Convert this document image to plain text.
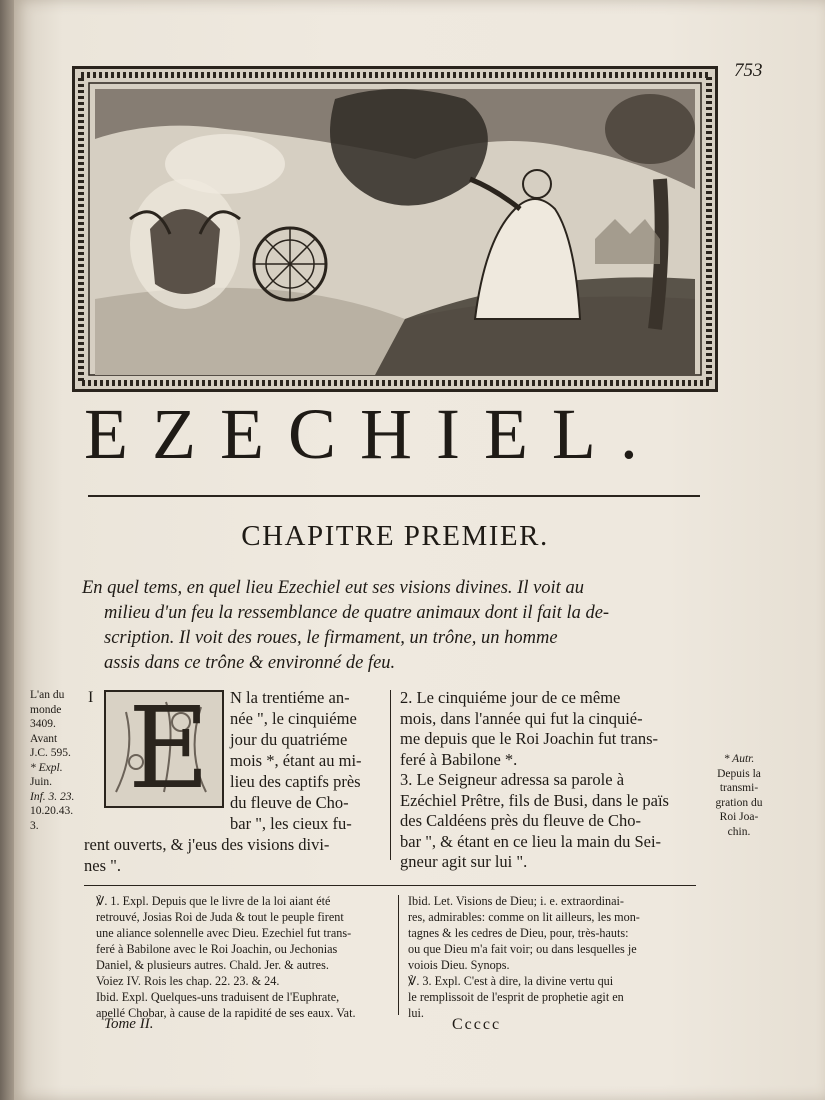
753
EZECHIEL.
CHAPITRE PREMIER.
En quel tems, en quel lieu Ezechiel eut ses visions divines. Il voit au
milieu d'un feu la ressemblance de quatre animaux dont il fait la de-
scription. Il voit des roues, le firmament, un trône, un homme
assis dans ce trône & environné de feu.
L'an du
monde
3409.
Avant
J.C. 595.
* Expl.
Juin.
Inf. 3. 23.
10.20.43.
3.
I E N la trentiéme an-
née ", le cinquiéme
jour du quatriéme
mois *, étant au mi-
lieu des captifs près
du fleuve de Cho-
bar ", les cieux fu-
rent ouverts, & j'eus des visions divi-
nes ".
2. Le cinquiéme jour de ce même
mois, dans l'année qui fut la cinquié-
me depuis que le Roi Joachin fut trans-
feré à Babilone *.
3. Le Seigneur adressa sa parole à
Ezéchiel Prêtre, fils de Busi, dans le païs
des Caldéens près du fleuve de Cho-
bar ", & étant en ce lieu la main du Sei-
gneur agit sur lui ".
* Autr.
Depuis la
transmi-
gration du
Roi Joa-
chin.
℣. 1. Expl. Depuis que le livre de la loi aiant été
retrouvé, Josias Roi de Juda & tout le peuple firent
une aliance solennelle avec Dieu. Ezechiel fut trans-
feré à Babilone avec le Roi Joachin, ou Jechonias
Daniel, & plusieurs autres. Chald. Jer. & autres.
Voiez IV. Rois les chap. 22. 23. & 24.
Ibid. Expl. Quelques-uns traduisent de l'Euphrate,
apellé Chobar, à cause de la rapidité de ses eaux. Vat.
Ibid. Let. Visions de Dieu; i. e. extraordinai-
res, admirables: comme on lit ailleurs, les mon-
tagnes & les cedres de Dieu, pour, très-hauts:
ou que Dieu m'a fait voir; ou dans lesquelles je
voiois Dieu. Synops.
℣. 3. Expl. C'est à dire, la divine vertu qui
le remplissoit de l'esprit de prophetie agit en
lui.
Tome II.	Ccccc
